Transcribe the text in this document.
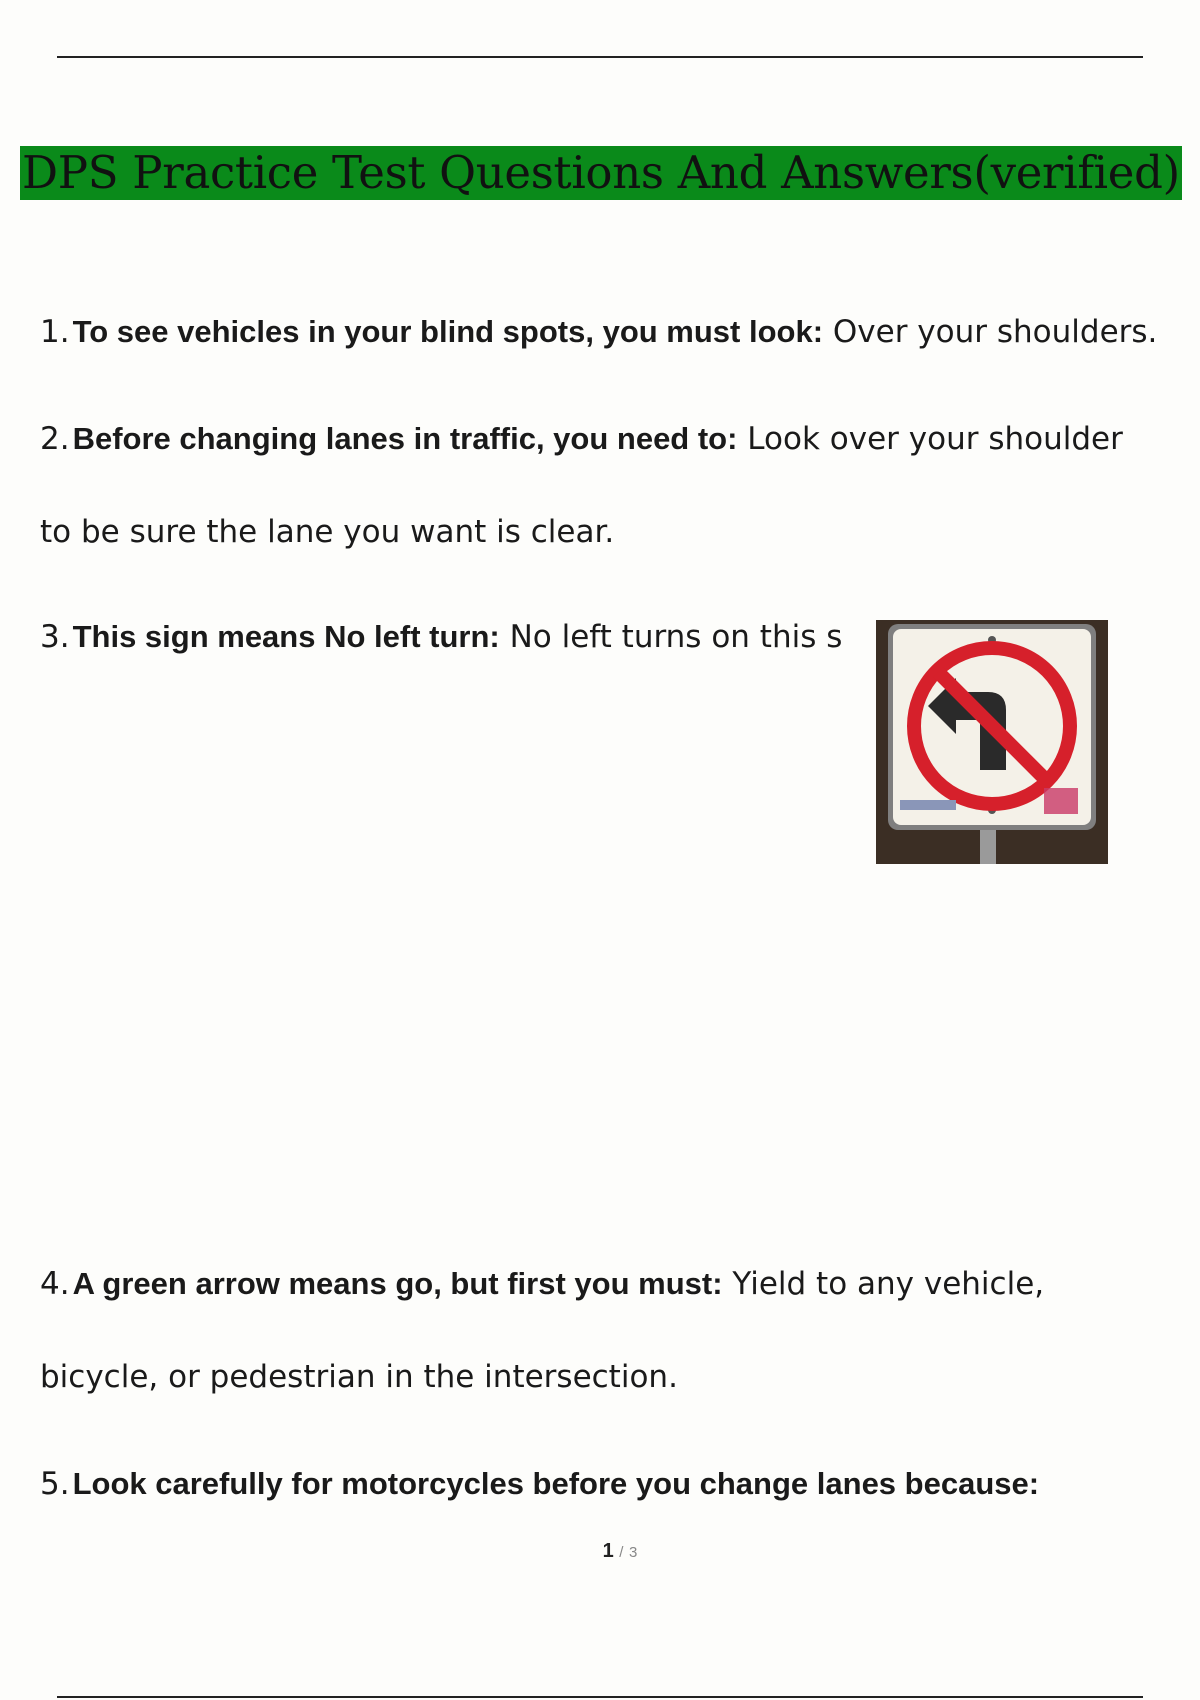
DPS Practice Test Questions And Answers(verified)
1.To see vehicles in your blind spots, you must look: Over your shoulders.
2.Before changing lanes in traffic, you need to: Look over your shoulder
to be sure the lane you want is clear.
3.This sign means No left turn: No left turns on this s
4.A green arrow means go, but first you must: Yield to any vehicle,
bicycle, or pedestrian in the intersection.
5.Look carefully for motorcycles before you change lanes because:
1 / 3
